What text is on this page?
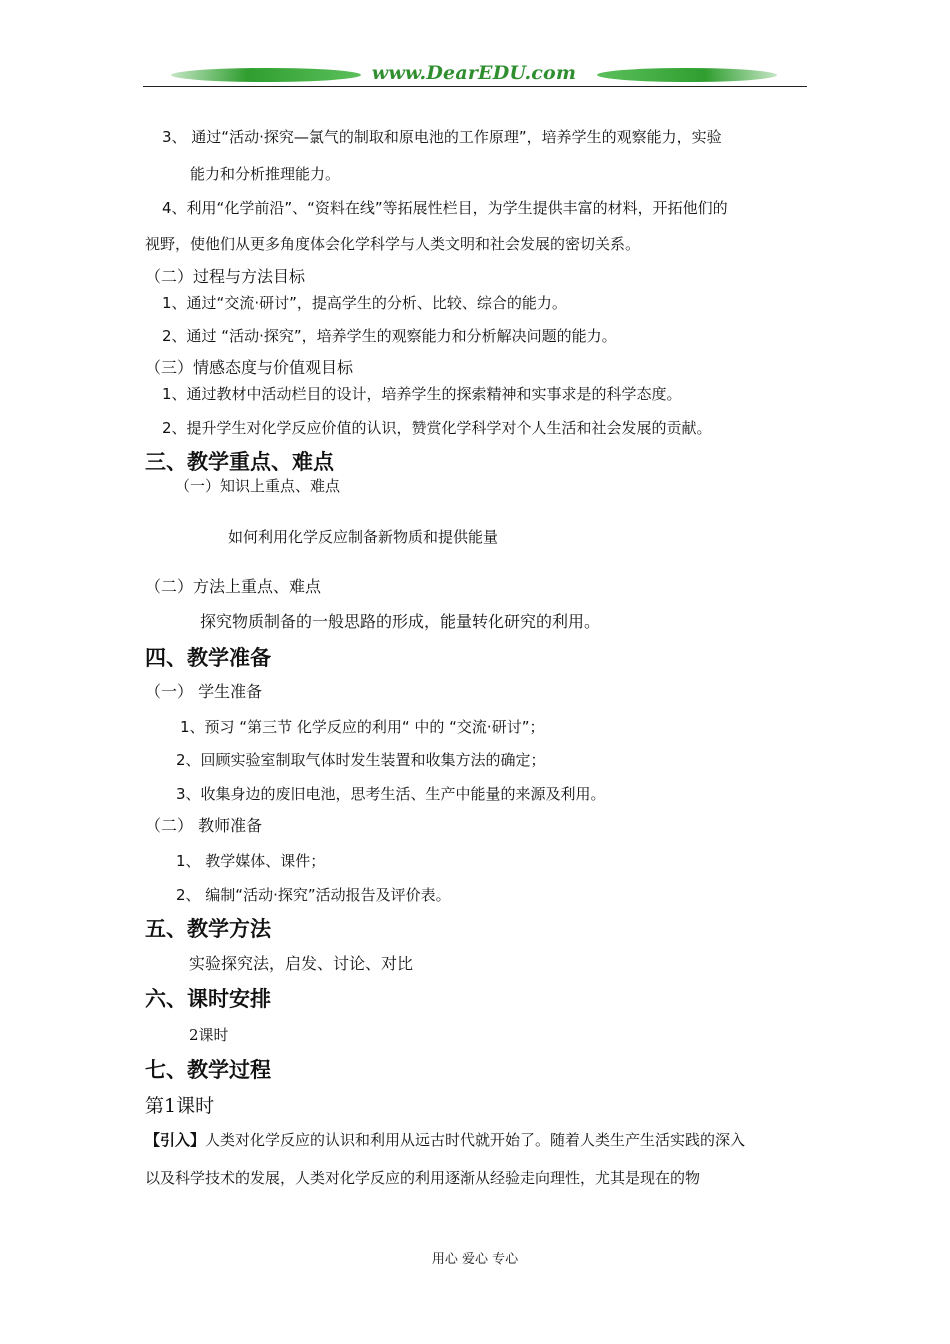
www.DearEDU.com
3、 通过“活动·探究—氯气的制取和原电池的工作原理”，培养学生的观察能力，实验
能力和分析推理能力。
4、利用“化学前沿”、“资料在线”等拓展性栏目，为学生提供丰富的材料，开拓他们的
视野，使他们从更多角度体会化学科学与人类文明和社会发展的密切关系。
（二）过程与方法目标
1、通过“交流·研讨”，提高学生的分析、比较、综合的能力。
2、通过 “活动·探究”，培养学生的观察能力和分析解决问题的能力。
（三）情感态度与价值观目标
1、通过教材中活动栏目的设计，培养学生的探索精神和实事求是的科学态度。
2、提升学生对化学反应价值的认识，赞赏化学科学对个人生活和社会发展的贡献。
三、教学重点、难点
（一）知识上重点、难点
如何利用化学反应制备新物质和提供能量
（二）方法上重点、难点
探究物质制备的一般思路的形成，能量转化研究的利用。
四、教学准备
（一） 学生准备
1、预习 “第三节 化学反应的利用“ 中的 “交流·研讨”；
2、回顾实验室制取气体时发生装置和收集方法的确定；
3、收集身边的废旧电池，思考生活、生产中能量的来源及利用。
（二） 教师准备
1、 教学媒体、课件；
2、 编制“活动·探究”活动报告及评价表。
五、教学方法
实验探究法，启发、讨论、对比
六、课时安排
2课时
七、教学过程
第1课时
【引入】人类对化学反应的认识和利用从远古时代就开始了。随着人类生产生活实践的深入
以及科学技术的发展，人类对化学反应的利用逐渐从经验走向理性，尤其是现在的物
用心 爱心 专心
